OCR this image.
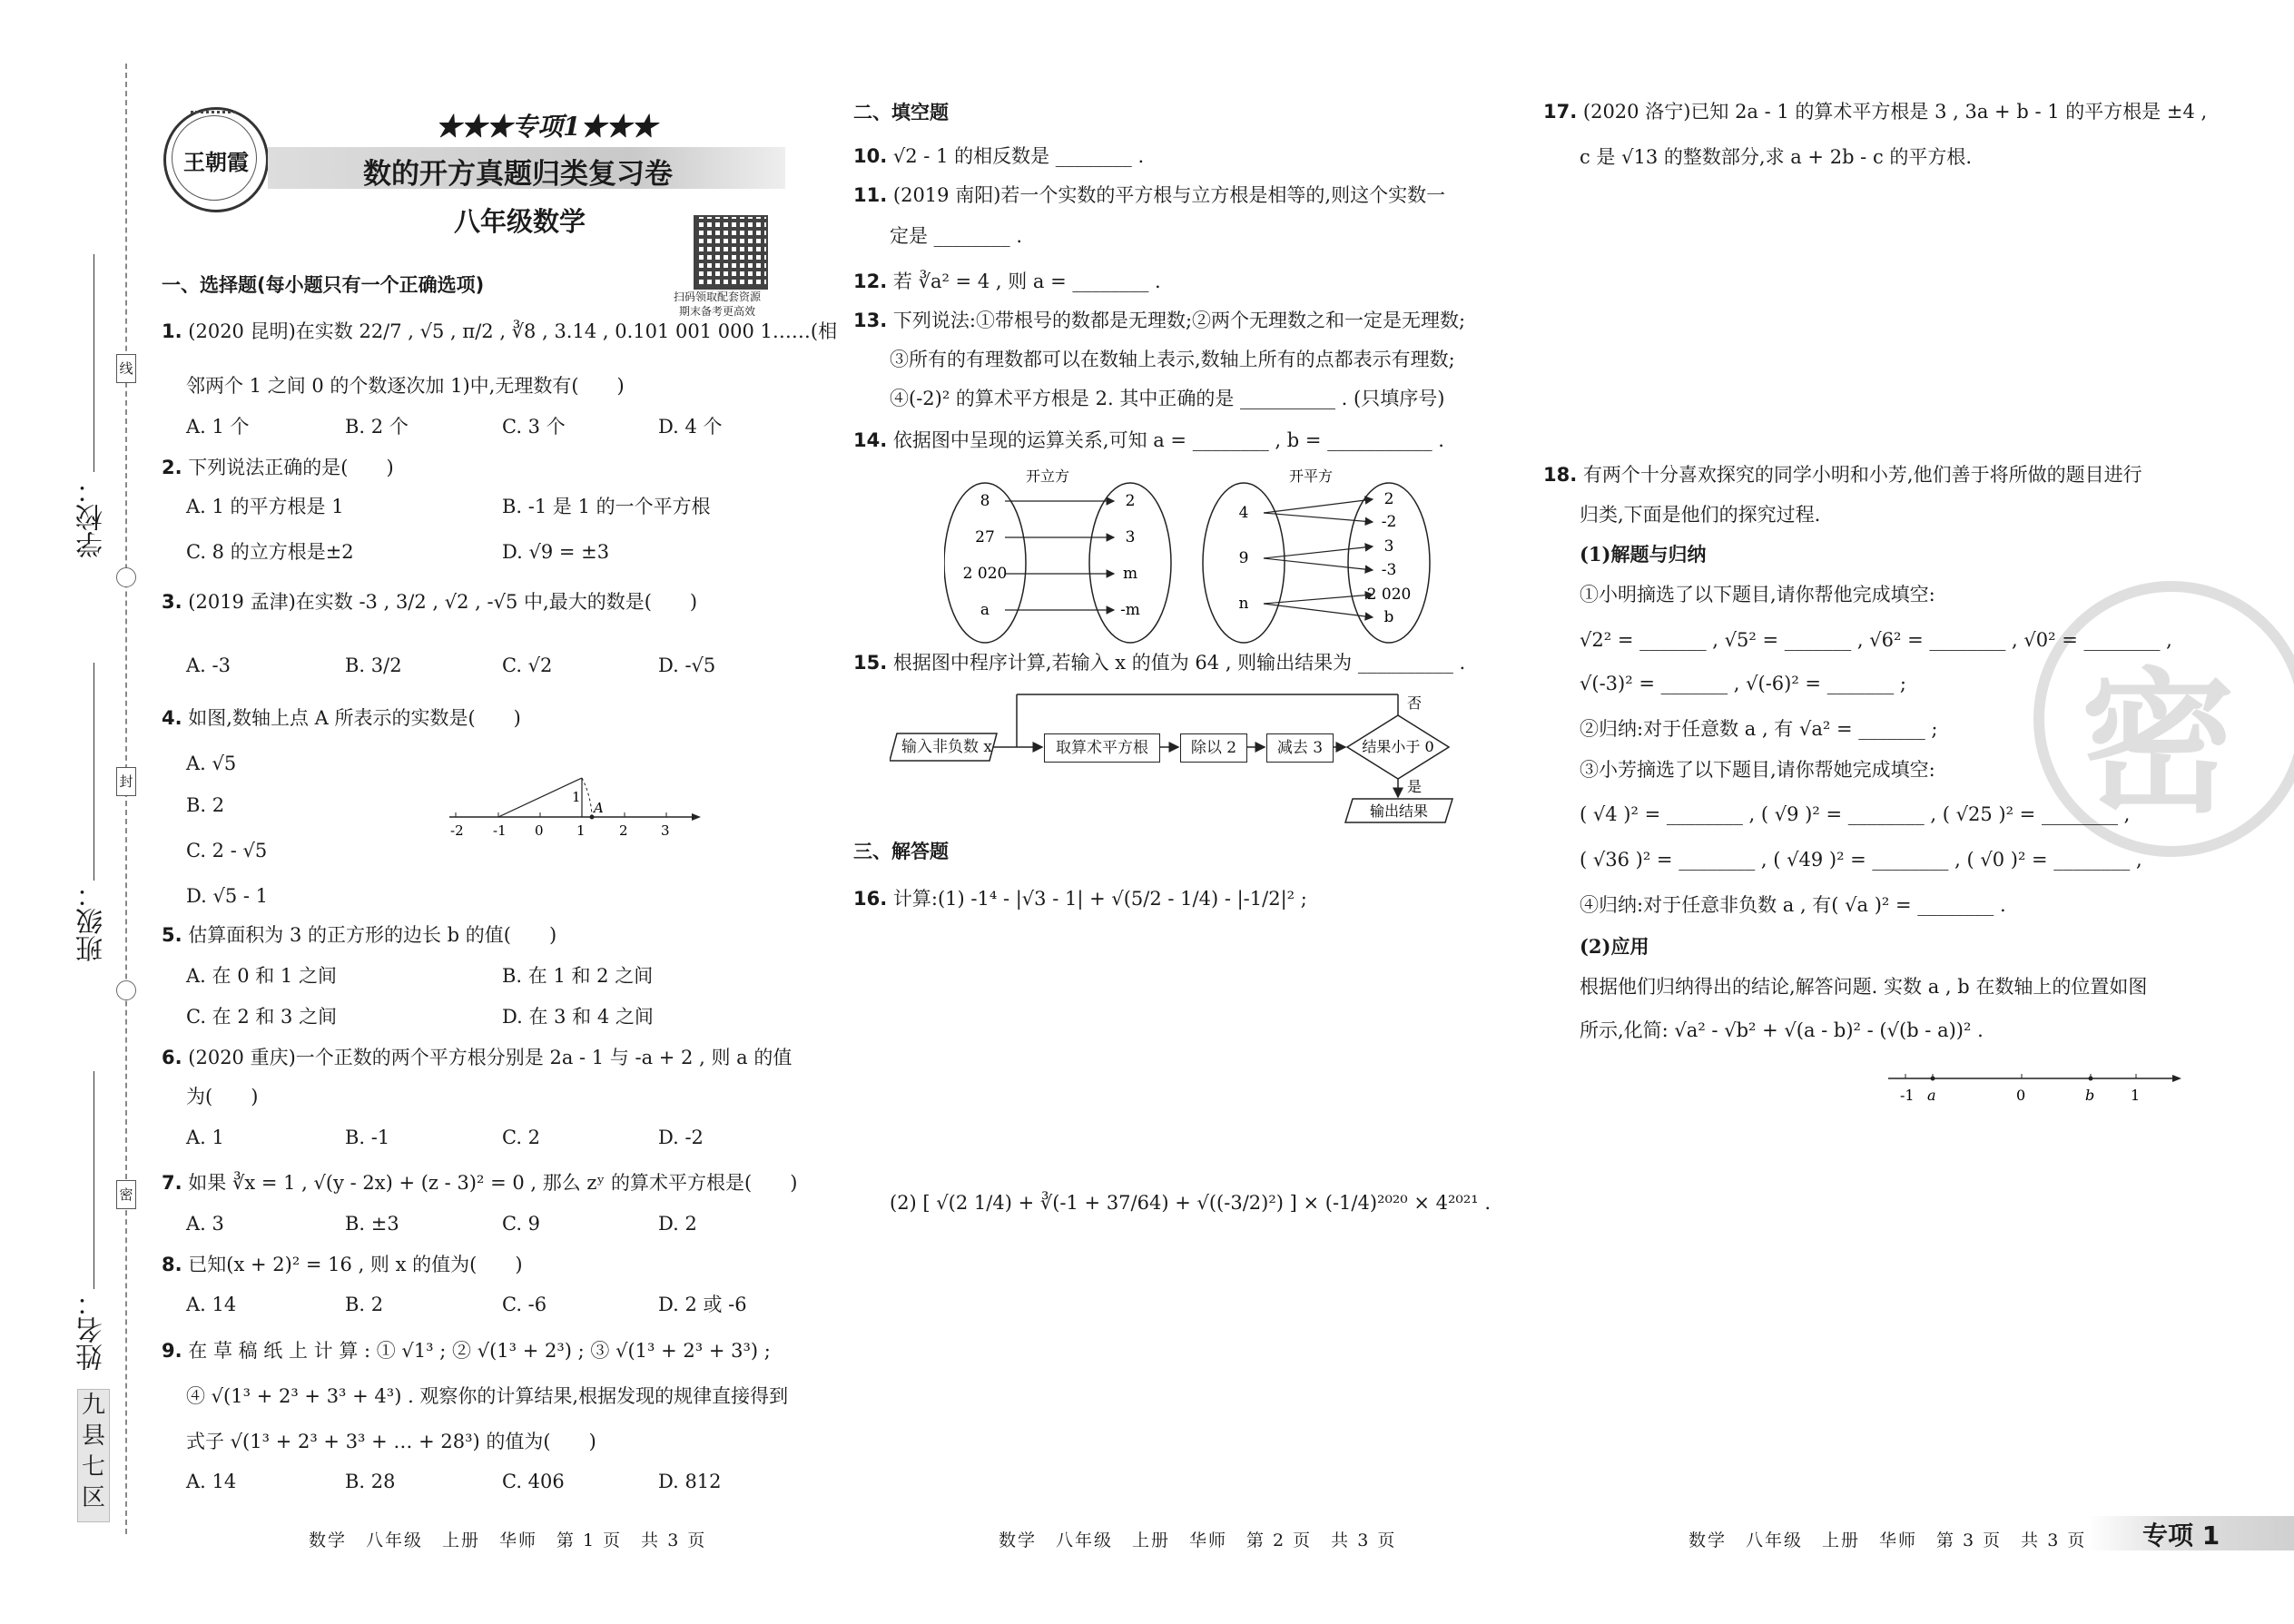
学校：
班级：
姓名：
线
封
密
九县七区
王朝霞
★★★专项1★★★
数的开方真题归类复习卷
八年级数学
扫码领取配套资源
期末备考更高效
一、选择题(每小题只有一个正确选项)
1. (2020 昆明)在实数 22/7 , √5 , π/2 , ∛8 , 3.14 , 0.101 001 000 1……(相
邻两个 1 之间 0 的个数逐次加 1)中,无理数有(　　)
A. 1 个	B. 2 个	C. 3 个	D. 4 个
2. 下列说法正确的是(　　)
A. 1 的平方根是 1	B. -1 是 1 的一个平方根
C. 8 的立方根是±2	D. √9 = ±3
3. (2019 孟津)在实数 -3 , 3/2 , √2 , -√5 中,最大的数是(　　)
A. -3	B. 3/2	C. √2	D. -√5
4. 如图,数轴上点 A 所表示的实数是(　　)
A. √5
B. 2
C. 2 - √5
D. √5 - 1
-2 -1 0 1 2 3
1
A
5. 估算面积为 3 的正方形的边长 b 的值(　　)
A. 在 0 和 1 之间	B. 在 1 和 2 之间
C. 在 2 和 3 之间	D. 在 3 和 4 之间
6. (2020 重庆)一个正数的两个平方根分别是 2a - 1 与 -a + 2 , 则 a 的值
为(　　)
A. 1	B. -1	C. 2	D. -2
7. 如果 ∛x = 1 , √(y - 2x) + (z - 3)² = 0 , 那么 zʸ 的算术平方根是(　　)
A. 3	B. ±3	C. 9	D. 2
8. 已知(x + 2)² = 16 , 则 x 的值为(　　)
A. 14	B. 2	C. -6	D. 2 或 -6
9. 在 草 稿 纸 上 计 算 : ① √1³ ; ② √(1³ + 2³) ; ③ √(1³ + 2³ + 3³) ;
④ √(1³ + 2³ + 3³ + 4³) . 观察你的计算结果,根据发现的规律直接得到
式子 √(1³ + 2³ + 3³ + … + 28³) 的值为(　　)
A. 14	B. 28	C. 406	D. 812
二、填空题
10. √2 - 1 的相反数是 ________ .
11. (2019 南阳)若一个实数的平方根与立方根是相等的,则这个实数一
定是 ________ .
12. 若 ∛a² = 4 , 则 a = ________ .
13. 下列说法:①带根号的数都是无理数;②两个无理数之和一定是无理数;
③所有的有理数都可以在数轴上表示,数轴上所有的点都表示有理数;
④(-2)² 的算术平方根是 2. 其中正确的是 __________ . (只填序号)
14. 依据图中呈现的运算关系,可知 a = ________ , b = ___________ .
开立方
8
27
2 020
a
2
3
m
-m
开平方
4
9
n
2
-2
3
-3
2 020
b
15. 根据图中程序计算,若输入 x 的值为 64 , 则输出结果为 __________ .
结果小于 0
否
是
输出结果
输入非负数 x	取算术平方根	除以 2	减去 3
三、解答题
16. 计算:(1) -1⁴ - |√3 - 1| + √(5/2 - 1/4) - |-1/2|² ;
(2) [ √(2 1/4) + ∛(-1 + 37/64) + √((-3/2)²) ] × (-1/4)²⁰²⁰ × 4²⁰²¹ .
17. (2020 洛宁)已知 2a - 1 的算术平方根是 3 , 3a + b - 1 的平方根是 ±4 ,
c 是 √13 的整数部分,求 a + 2b - c 的平方根.
密
18. 有两个十分喜欢探究的同学小明和小芳,他们善于将所做的题目进行
归类,下面是他们的探究过程.
(1)解题与归纳
①小明摘选了以下题目,请你帮他完成填空:
√2² = _______ , √5² = _______ , √6² = ________ , √0² = ________ ,
√(-3)² = _______ , √(-6)² = _______ ;
②归纳:对于任意数 a , 有 √a² = _______ ;
③小芳摘选了以下题目,请你帮她完成填空:
( √4 )² = ________ , ( √9 )² = ________ , ( √25 )² = ________ ,
( √36 )² = ________ , ( √49 )² = ________ , ( √0 )² = ________ ,
④归纳:对于任意非负数 a , 有( √a )² = ________ .
(2)应用
根据他们归纳得出的结论,解答问题. 实数 a , b 在数轴上的位置如图
所示,化简: √a² - √b² + √(a - b)² - (√(b - a))² .
-1 a	0	b 1
数学　八年级　上册　华师　第 1 页　共 3 页	数学　八年级　上册　华师　第 2 页　共 3 页	数学　八年级　上册　华师　第 3 页　共 3 页 专项 1
